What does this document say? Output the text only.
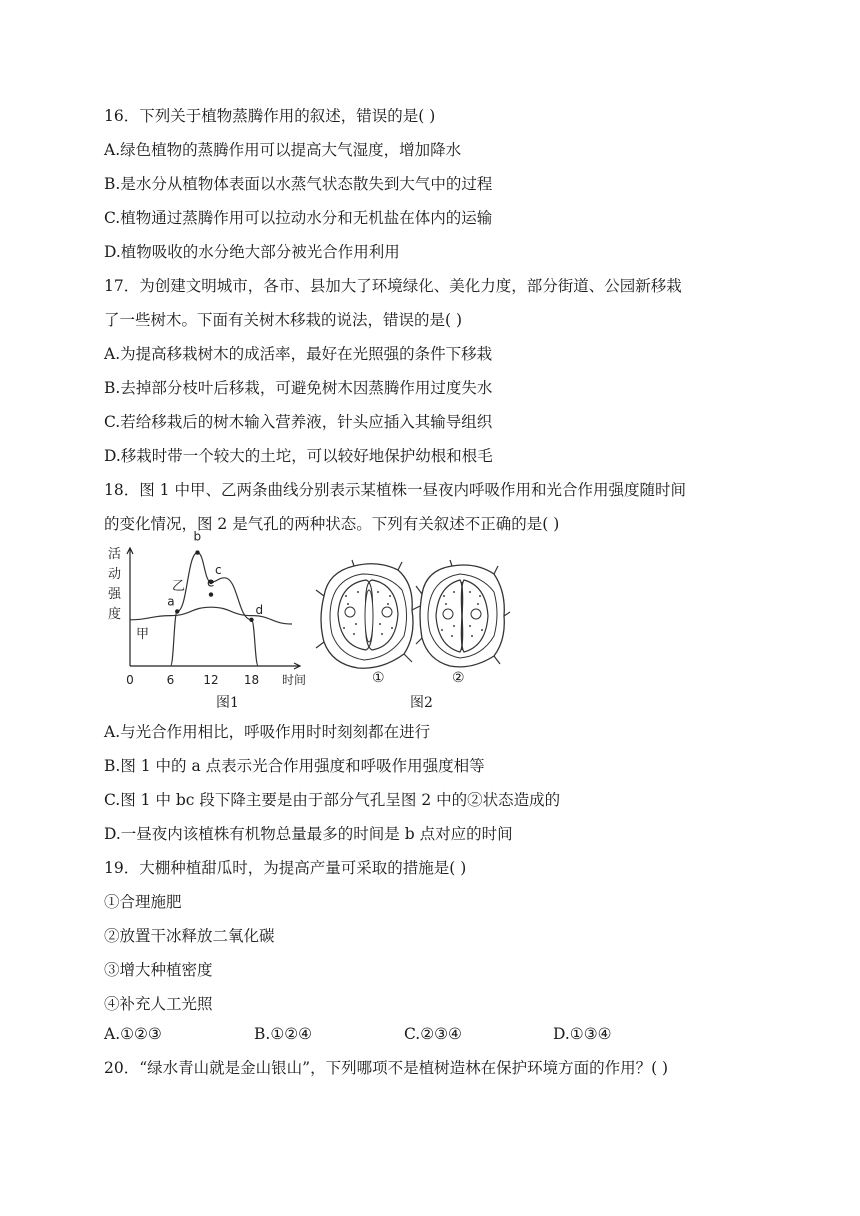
16．下列关于植物蒸腾作用的叙述，错误的是( )
A.绿色植物的蒸腾作用可以提高大气湿度，增加降水
B.是水分从植物体表面以水蒸气状态散失到大气中的过程
C.植物通过蒸腾作用可以拉动水分和无机盐在体内的运输
D.植物吸收的水分绝大部分被光合作用利用
17．为创建文明城市，各市、县加大了环境绿化、美化力度，部分街道、公园新移栽
了一些树木。下面有关树木移栽的说法，错误的是( )
A.为提高移栽树木的成活率，最好在光照强的条件下移栽
B.去掉部分枝叶后移栽，可避免树木因蒸腾作用过度失水
C.若给移栽后的树木输入营养液，针头应插入其输导组织
D.移栽时带一个较大的土坨，可以较好地保护幼根和根毛
18．图 1 中甲、乙两条曲线分别表示某植株一昼夜内呼吸作用和光合作用强度随时间
的变化情况，图 2 是气孔的两种状态。下列有关叙述不正确的是( )
活
动
强
度
甲
乙
a
b
c
e
d
0	6 12 18 时间
图1
①	②
图2
A.与光合作用相比，呼吸作用时时刻刻都在进行
B.图 1 中的 a 点表示光合作用强度和呼吸作用强度相等
C.图 1 中 bc 段下降主要是由于部分气孔呈图 2 中的②状态造成的
D.一昼夜内该植株有机物总量最多的时间是 b 点对应的时间
19．大棚种植甜瓜时，为提高产量可采取的措施是( )
①合理施肥
②放置干冰释放二氧化碳
③增大种植密度
④补充人工光照
A.①②③	B.①②④	C.②③④	D.①③④
20．“绿水青山就是金山银山”，下列哪项不是植树造林在保护环境方面的作用？( )
